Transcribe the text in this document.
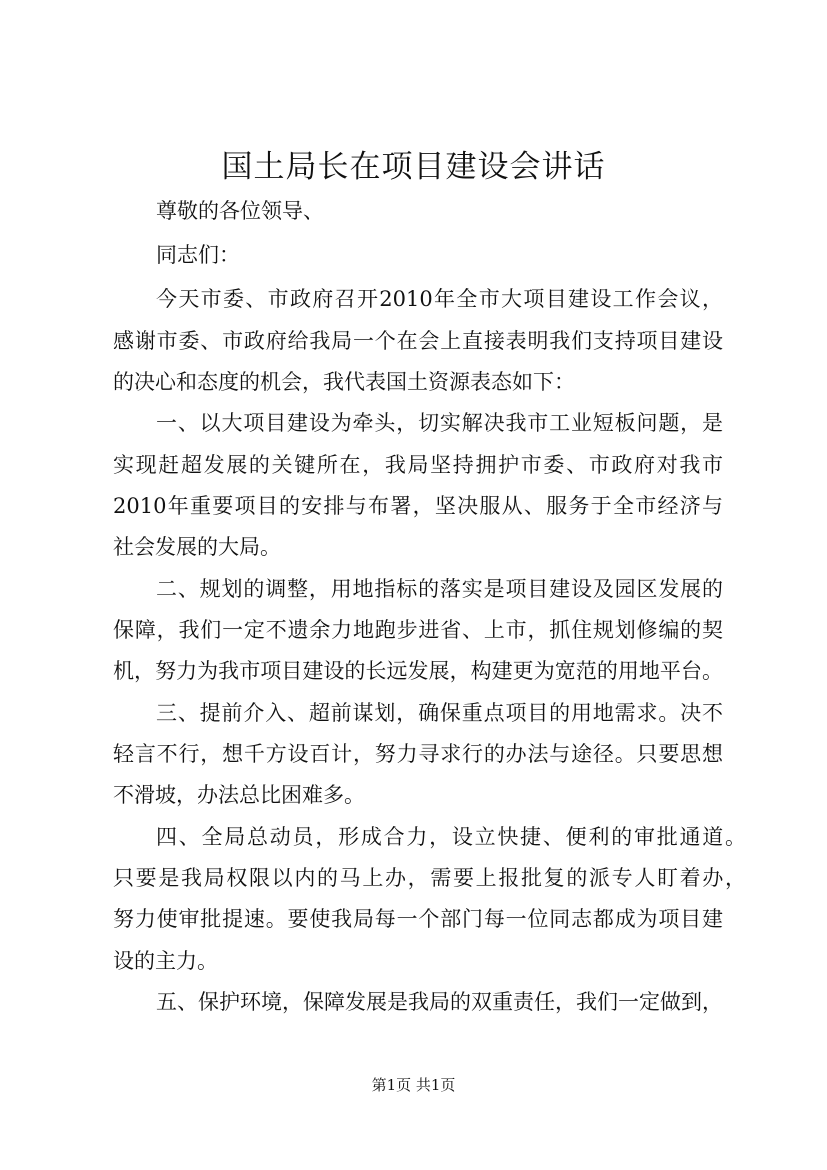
国土局长在项目建设会讲话

尊敬的各位领导、

同志们：

今天市委、市政府召开2010年全市大项目建设工作会议，

感谢市委、市政府给我局一个在会上直接表明我们支持项目建设

的决心和态度的机会，我代表国土资源表态如下：

一、以大项目建设为牵头，切实解决我市工业短板问题，是

实现赶超发展的关键所在，我局坚持拥护市委、市政府对我市

2010年重要项目的安排与布署，坚决服从、服务于全市经济与

社会发展的大局。

二、规划的调整，用地指标的落实是项目建设及园区发展的

保障，我们一定不遗余力地跑步进省、上市，抓住规划修编的契

机，努力为我市项目建设的长远发展，构建更为宽范的用地平台。

三、提前介入、超前谋划，确保重点项目的用地需求。决不

轻言不行，想千方设百计，努力寻求行的办法与途径。只要思想

不滑坡，办法总比困难多。

四、全局总动员，形成合力，设立快捷、便利的审批通道。

只要是我局权限以内的马上办，需要上报批复的派专人盯着办，

努力使审批提速。要使我局每一个部门每一位同志都成为项目建

设的主力。

五、保护环境，保障发展是我局的双重责任，我们一定做到，

第1页 共1页
